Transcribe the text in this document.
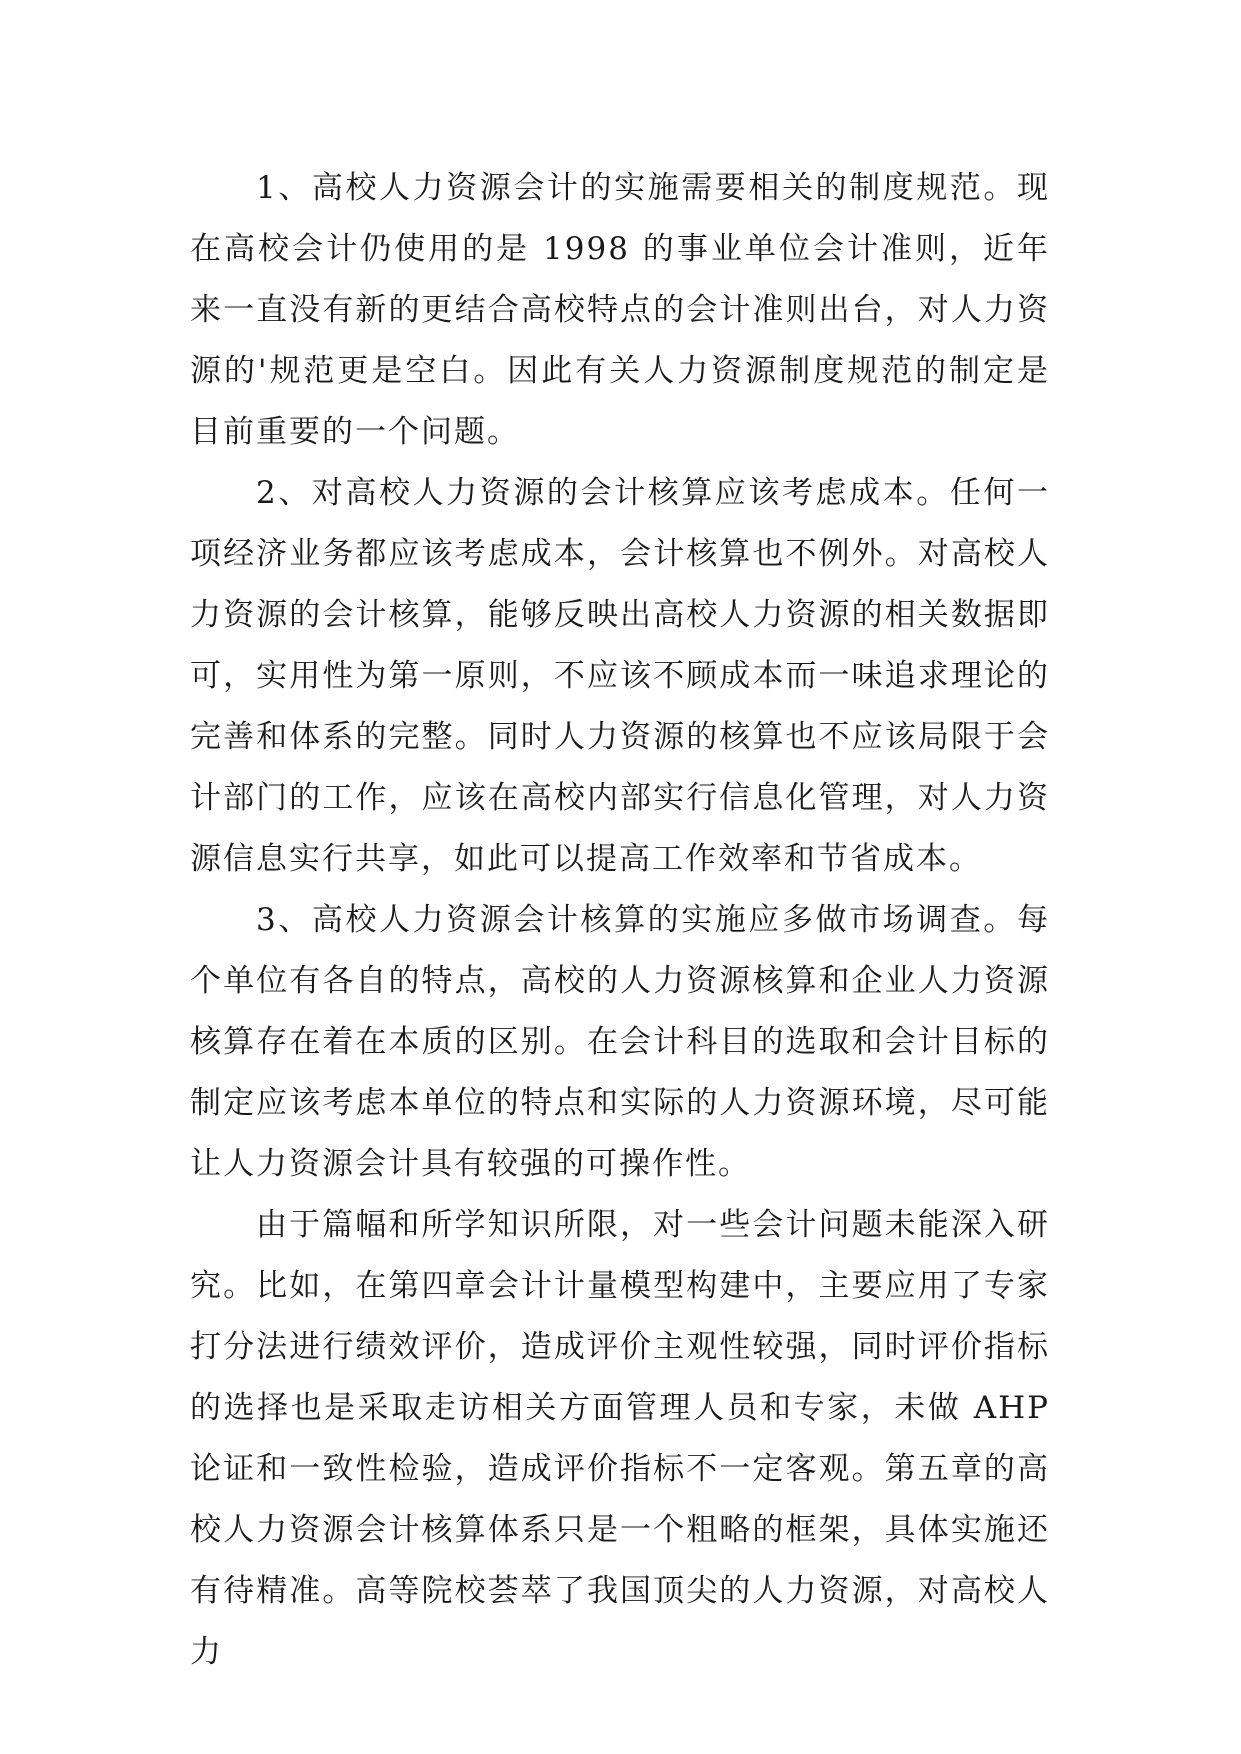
1、高校人力资源会计的实施需要相关的制度规范。现在高校会计仍使用的是 1998 的事业单位会计准则，近年来一直没有新的更结合高校特点的会计准则出台，对人力资源的'规范更是空白。因此有关人力资源制度规范的制定是目前重要的一个问题。

2、对高校人力资源的会计核算应该考虑成本。任何一项经济业务都应该考虑成本，会计核算也不例外。对高校人力资源的会计核算，能够反映出高校人力资源的相关数据即可，实用性为第一原则，不应该不顾成本而一味追求理论的完善和体系的完整。同时人力资源的核算也不应该局限于会计部门的工作，应该在高校内部实行信息化管理，对人力资源信息实行共享，如此可以提高工作效率和节省成本。

3、高校人力资源会计核算的实施应多做市场调查。每个单位有各自的特点，高校的人力资源核算和企业人力资源核算存在着在本质的区别。在会计科目的选取和会计目标的制定应该考虑本单位的特点和实际的人力资源环境，尽可能让人力资源会计具有较强的可操作性。

由于篇幅和所学知识所限，对一些会计问题未能深入研究。比如，在第四章会计计量模型构建中，主要应用了专家打分法进行绩效评价，造成评价主观性较强，同时评价指标的选择也是采取走访相关方面管理人员和专家，未做 AHP 论证和一致性检验，造成评价指标不一定客观。第五章的高校人力资源会计核算体系只是一个粗略的框架，具体实施还有待精准。高等院校荟萃了我国顶尖的人力资源，对高校人力
